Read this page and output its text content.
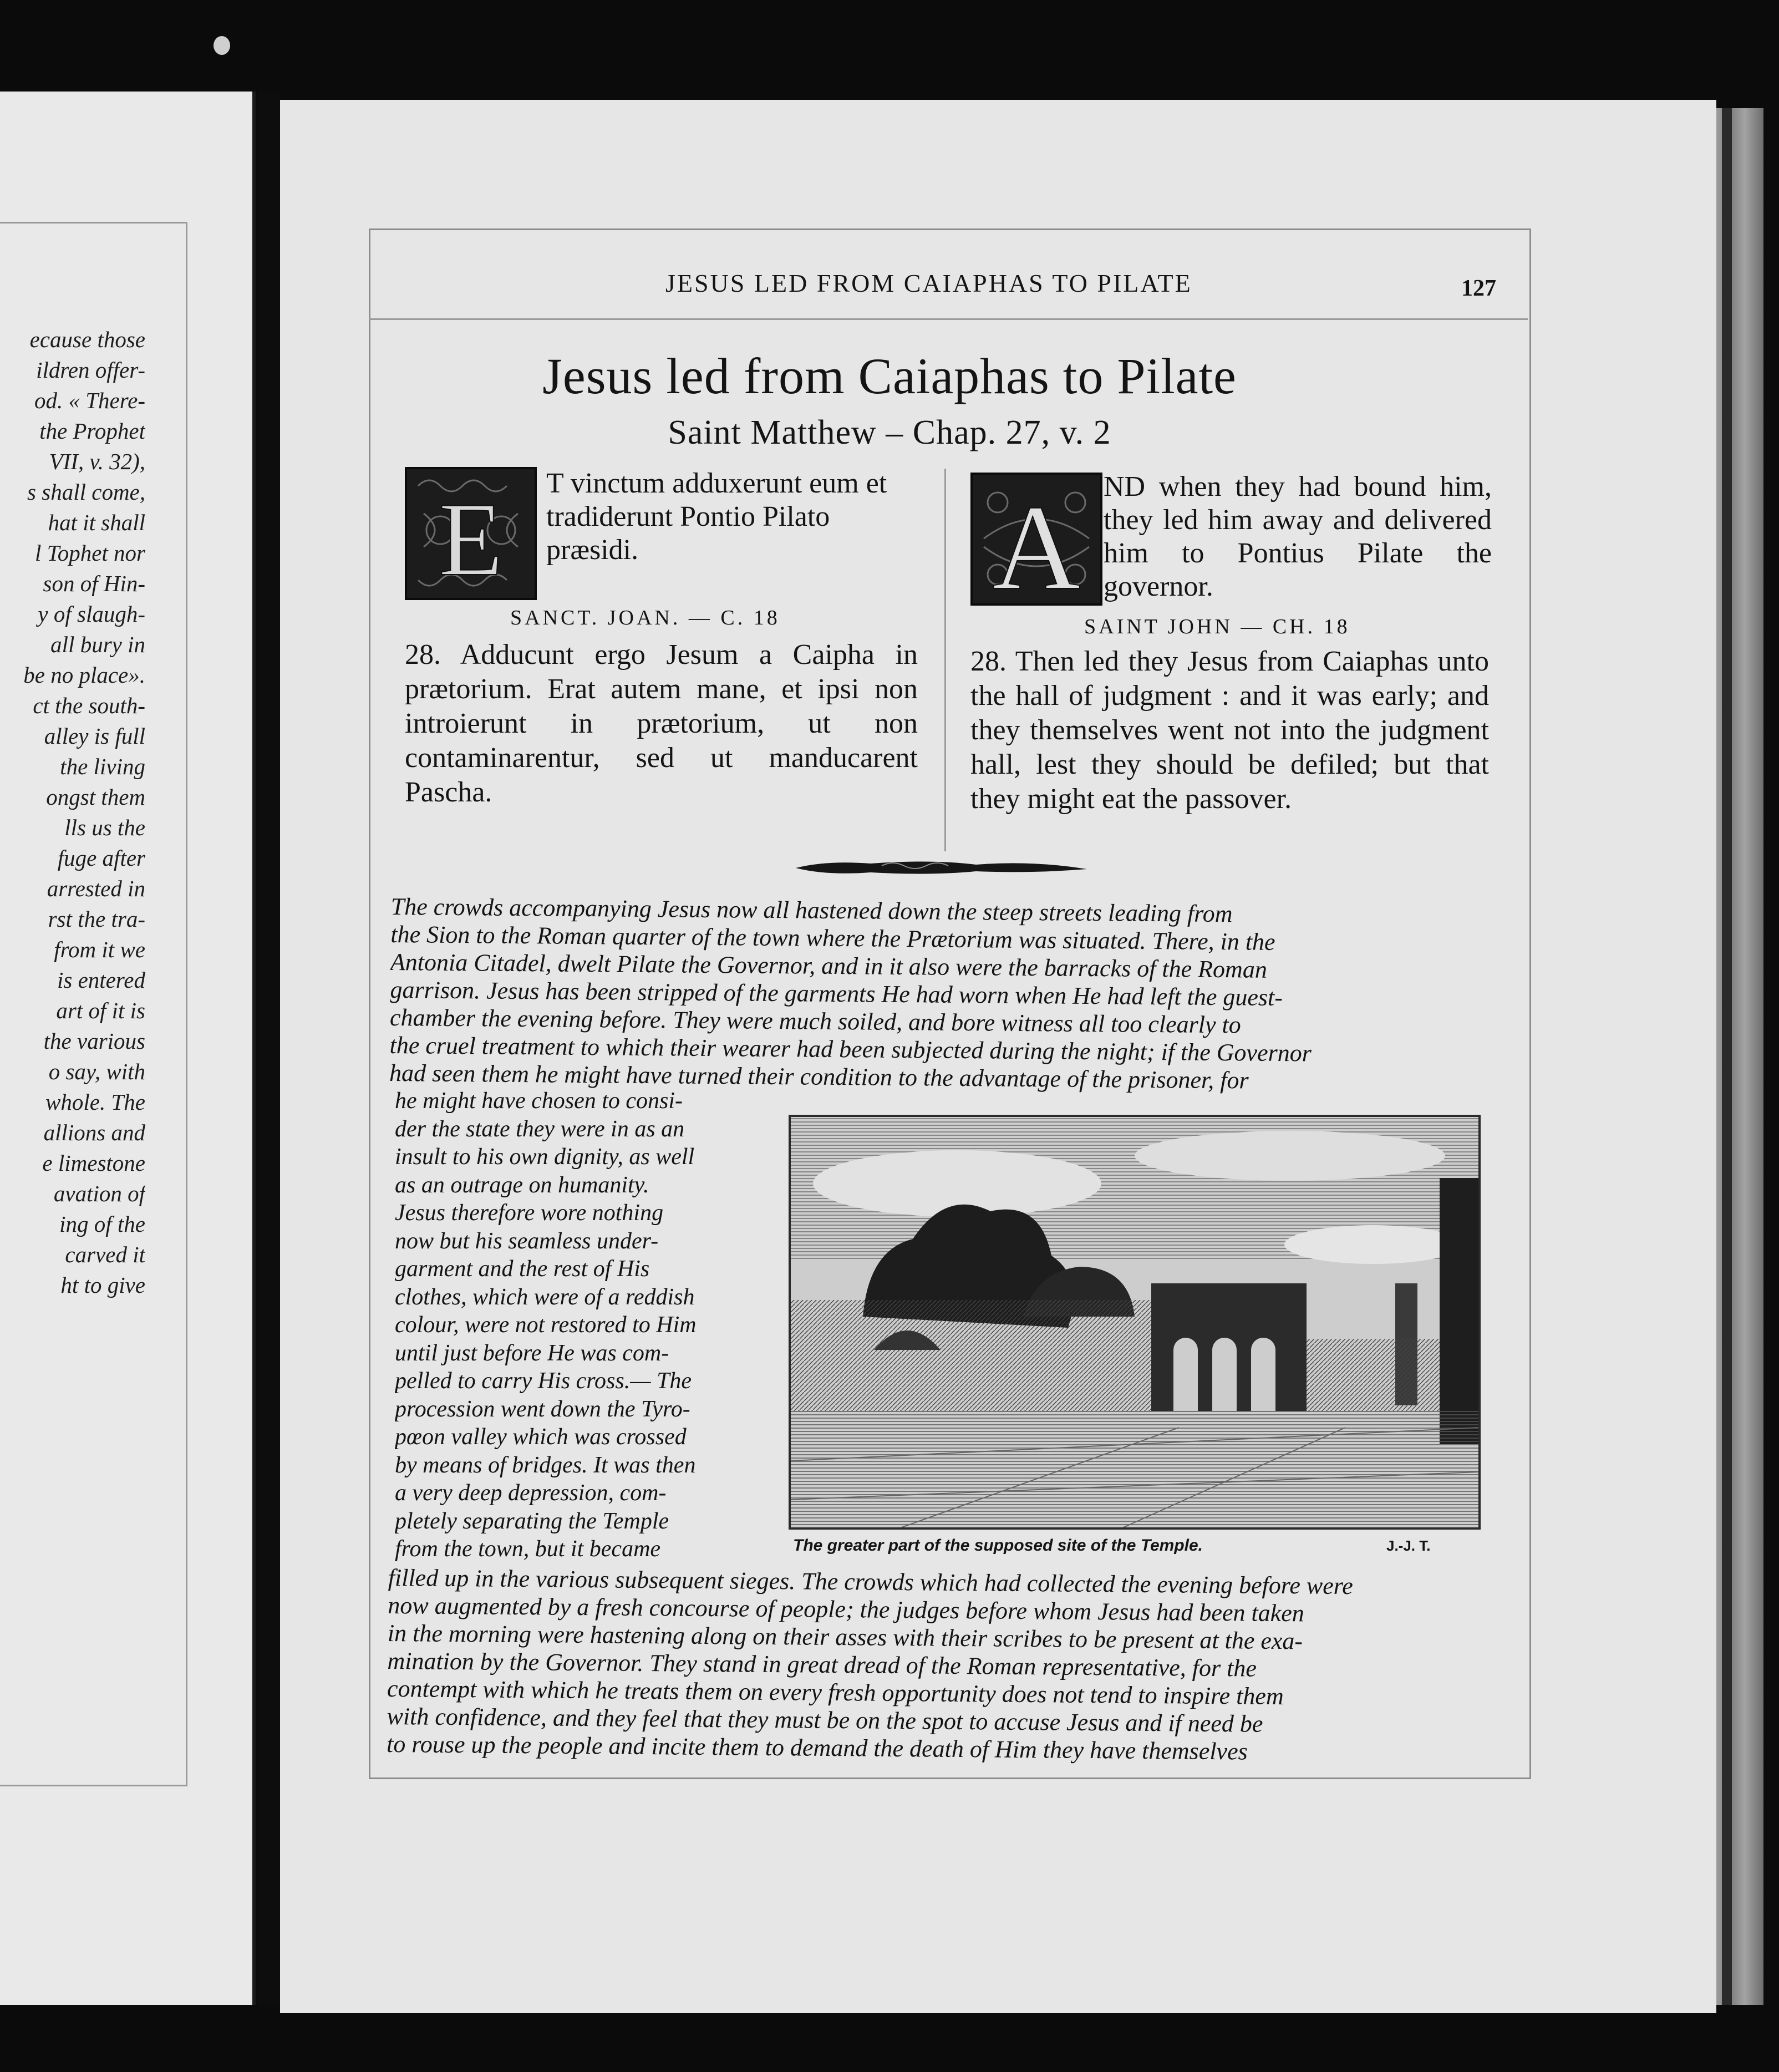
ecause those
ildren offer-
od. « There-
the Prophet
VII, v. 32),
s shall come,
hat it shall
l Tophet nor
son of Hin-
y of slaugh-
all bury in
be no place».
ct the south-
alley is full
the living
ongst them
lls us the
fuge after
arrested in
rst the tra-
from it we
is entered
art of it is
the various
o say, with
whole. The
allions and
e limestone
avation of
ing of the
carved it
ht to give
JESUS LED FROM CAIAPHAS TO PILATE	127
Jesus led from Caiaphas to Pilate
Saint Matthew – Chap. 27, v. 2
E T vinctum adduxerunt eum et tradiderunt Pontio Pilato præsidi.

SANCT. JOAN. — C. 18
28. Adducunt ergo Jesum a Caipha in prætorium. Erat autem mane, et ipsi non introierunt in prætorium, ut non contaminarentur, sed ut manducarent Pascha.
A ND when they had bound him, they led him away and delivered him to Pontius Pilate the governor.

SAINT JOHN — CH. 18
28. Then led they Jesus from Caiaphas unto the hall of judgment : and it was early; and they themselves went not into the judgment hall, lest they should be defiled; but that they might eat the passover.
The crowds accompanying Jesus now all hastened down the steep streets leading from
the Sion to the Roman quarter of the town where the Prætorium was situated. There, in the
Antonia Citadel, dwelt Pilate the Governor, and in it also were the barracks of the Roman
garrison. Jesus has been stripped of the garments He had worn when He had left the guest-
chamber the evening before. They were much soiled, and bore witness all too clearly to
the cruel treatment to which their wearer had been subjected during the night; if the Governor
had seen them he might have turned their condition to the advantage of the prisoner, for
he might have chosen to consi-
der the state they were in as an
insult to his own dignity, as well
as an outrage on humanity.
Jesus therefore wore nothing
now but his seamless under-
garment and the rest of His
clothes, which were of a reddish
colour, were not restored to Him
until just before He was com-
pelled to carry His cross.— The
procession went down the Tyro-
pœon valley which was crossed
by means of bridges. It was then
a very deep depression, com-
pletely separating the Temple
from the town, but it became
filled up in the various subsequent sieges. The crowds which had collected the evening before were
now augmented by a fresh concourse of people; the judges before whom Jesus had been taken
in the morning were hastening along on their asses with their scribes to be present at the exa-
mination by the Governor. They stand in great dread of the Roman representative, for the
contempt with which he treats them on every fresh opportunity does not tend to inspire them
with confidence, and they feel that they must be on the spot to accuse Jesus and if need be
to rouse up the people and incite them to demand the death of Him they have themselves
The greater part of the supposed site of the Temple.	J.-J. T.
